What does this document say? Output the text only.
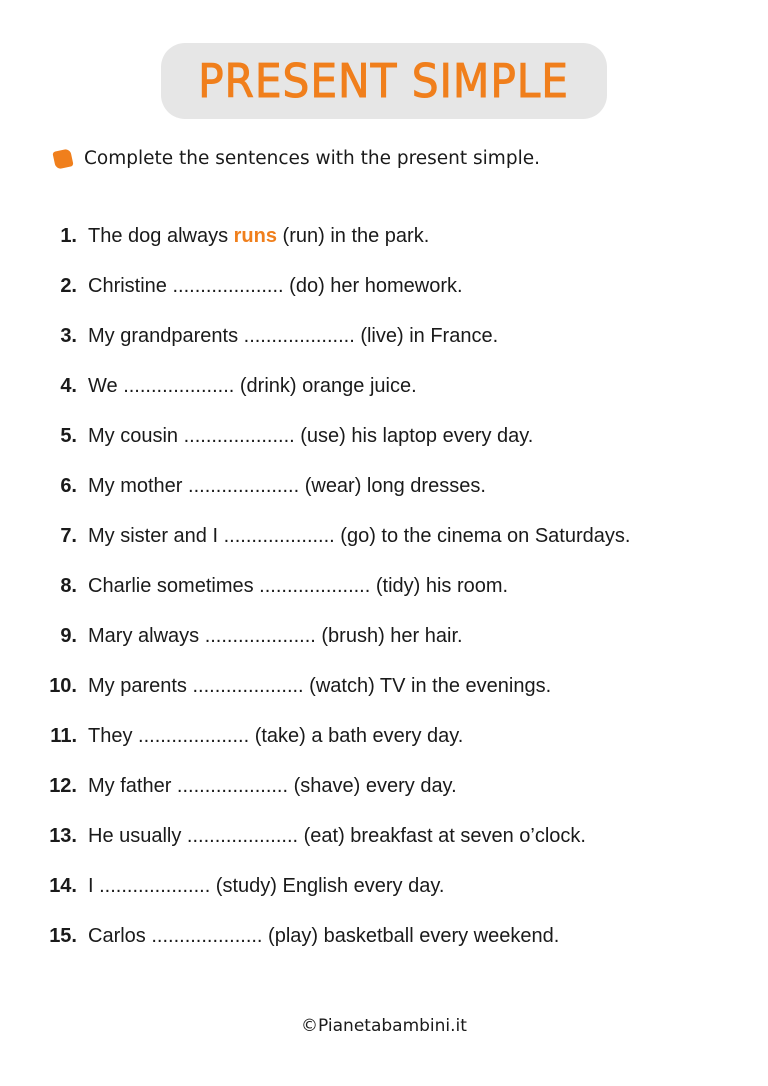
PRESENT SIMPLE
Complete the sentences with the present simple.
1. The dog always runs (run) in the park.
2. Christine .................... (do) her homework.
3. My grandparents .................... (live) in France.
4. We .................... (drink) orange juice.
5. My cousin .................... (use) his laptop every day.
6. My mother .................... (wear) long dresses.
7. My sister and I .................... (go) to the cinema on Saturdays.
8. Charlie sometimes .................... (tidy) his room.
9. Mary always .................... (brush) her hair.
10. My parents .................... (watch) TV in the evenings.
11. They .................... (take) a bath every day.
12. My father .................... (shave) every day.
13. He usually .................... (eat) breakfast at seven o’clock.
14. I .................... (study) English every day.
15. Carlos .................... (play) basketball every weekend.
©Pianetabambini.it
